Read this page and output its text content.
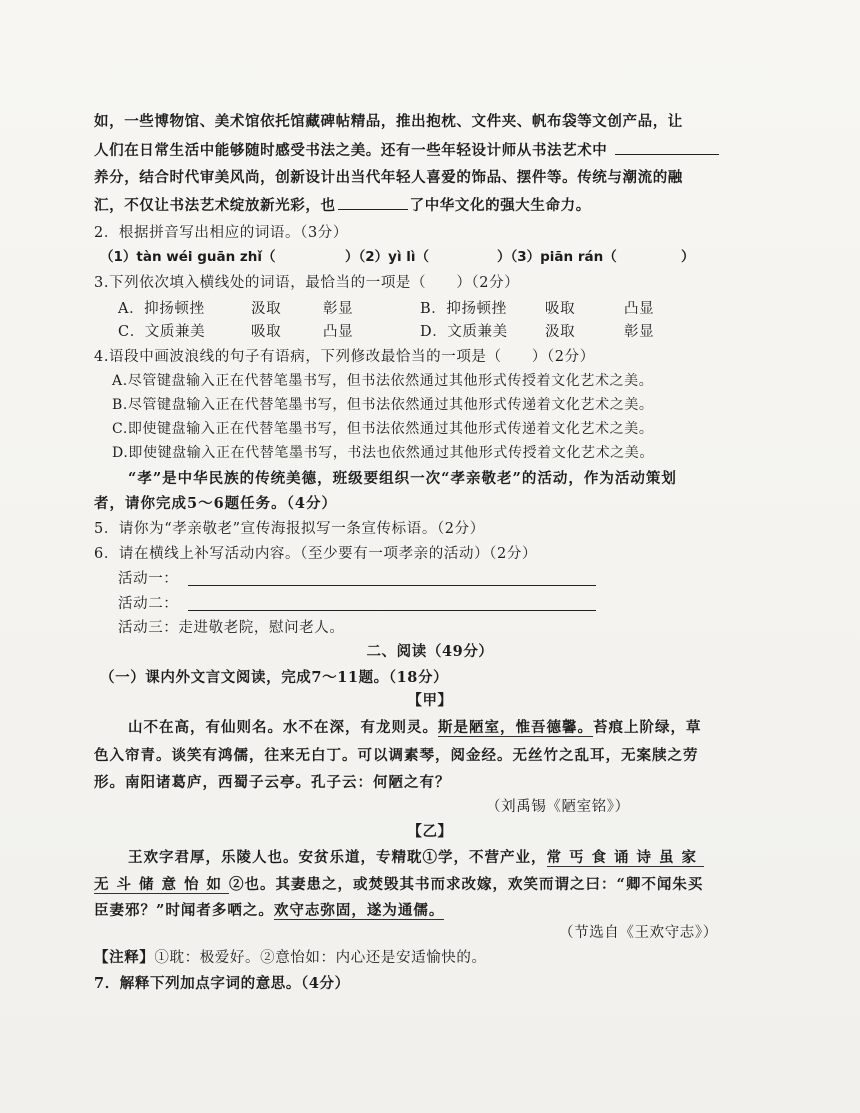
如，一些博物馆、美术馆依托馆藏碑帖精品，推出抱枕、文件夹、帆布袋等文创产品，让
人们在日常生活中能够随时感受书法之美。还有一些年轻设计师从书法艺术中
养分，结合时代审美风尚，创新设计出当代年轻人喜爱的饰品、摆件等。传统与潮流的融
汇，不仅让书法艺术绽放新光彩，也	了中华文化的强大生命力。
2．根据拼音写出相应的词语。（3分）
（1）tàn wéi guān zhǐ（	）（2）yì lì（	）（3）piān rán（	）
3.下列依次填入横线处的词语，最恰当的一项是（　　）（2分）
A．抑扬顿挫	汲取	彰显	B．抑扬顿挫	吸取	凸显
C．文质兼美	吸取	凸显	D．文质兼美	汲取	彰显
4.语段中画波浪线的句子有语病，下列修改最恰当的一项是（　　）（2分）
A.尽管键盘输入正在代替笔墨书写，但书法依然通过其他形式传授着文化艺术之美。
B.尽管键盘输入正在代替笔墨书写，但书法依然通过其他形式传递着文化艺术之美。
C.即使键盘输入正在代替笔墨书写，但书法依然通过其他形式传递着文化艺术之美。
D.即使键盘输入正在代替笔墨书写，书法也依然通过其他形式传授着文化艺术之美。
“孝”是中华民族的传统美德，班级要组织一次“孝亲敬老”的活动，作为活动策划
者，请你完成5～6题任务。（4分）
5．请你为“孝亲敬老”宣传海报拟写一条宣传标语。（2分）
6．请在横线上补写活动内容。（至少要有一项孝亲的活动）（2分）
活动一：
活动二：
活动三：走进敬老院，慰问老人。
二、阅读（49分）
（一）课内外文言文阅读，完成7～11题。（18分）
【甲】
山不在高，有仙则名。水不在深，有龙则灵。斯是陋室，惟吾德馨。苔痕上阶绿，草
色入帘青。谈笑有鸿儒，往来无白丁。可以调素琴，阅金经。无丝竹之乱耳，无案牍之劳
形。南阳诸葛庐，西蜀子云亭。孔子云：何陋之有？
（刘禹锡《陋室铭》）
【乙】
王欢字君厚，乐陵人也。安贫乐道，专精耽①学，不营产业，常丐食诵诗虽家
无斗储意怡如②也。其妻患之，或焚毁其书而求改嫁，欢笑而谓之曰：“卿不闻朱买
臣妻邪？”时闻者多哂之。欢守志弥固，遂为通儒。
（节选自《王欢守志》）
【注释】①耽：极爱好。②意怡如：内心还是安适愉快的。
7．解释下列加点字词的意思。（4分）
